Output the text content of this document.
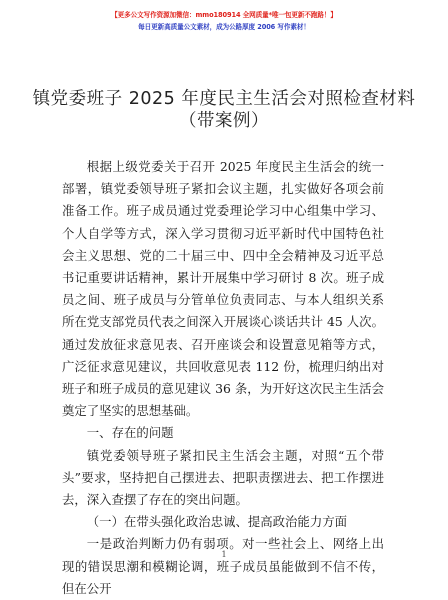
【更多公文写作资源加微信：mmo180914 全网质量*唯一包更新不跑路！】
每日更新高质量公文素材，成为公路厚度 2006 写作素材！
镇党委班子 2025 年度民主生活会对照检查材料
（带案例）

根据上级党委关于召开 2025 年度民主生活会的统一部署，镇党委领导班子紧扣会议主题，扎实做好各项会前准备工作。班子成员通过党委理论学习中心组集中学习、个人自学等方式，深入学习贯彻习近平新时代中国特色社会主义思想、党的二十届三中、四中全会精神及习近平总书记重要讲话精神，累计开展集中学习研讨 8 次。班子成员之间、班子成员与分管单位负责同志、与本人组织关系所在党支部党员代表之间深入开展谈心谈话共计 45 人次。通过发放征求意见表、召开座谈会和设置意见箱等方式，广泛征求意见建议，共回收意见表 112 份，梳理归纳出对班子和班子成员的意见建议 36 条，为开好这次民主生活会奠定了坚实的思想基础。

一、存在的问题

镇党委领导班子紧扣民主生活会主题，对照“五个带头”要求，坚持把自己摆进去、把职责摆进去、把工作摆进去，深入查摆了存在的突出问题。

（一）在带头强化政治忠诚、提高政治能力方面

一是政治判断力仍有弱项。对一些社会上、网络上出现的错误思潮和模糊论调，班子成员虽能做到不信不传，但在公开

1
